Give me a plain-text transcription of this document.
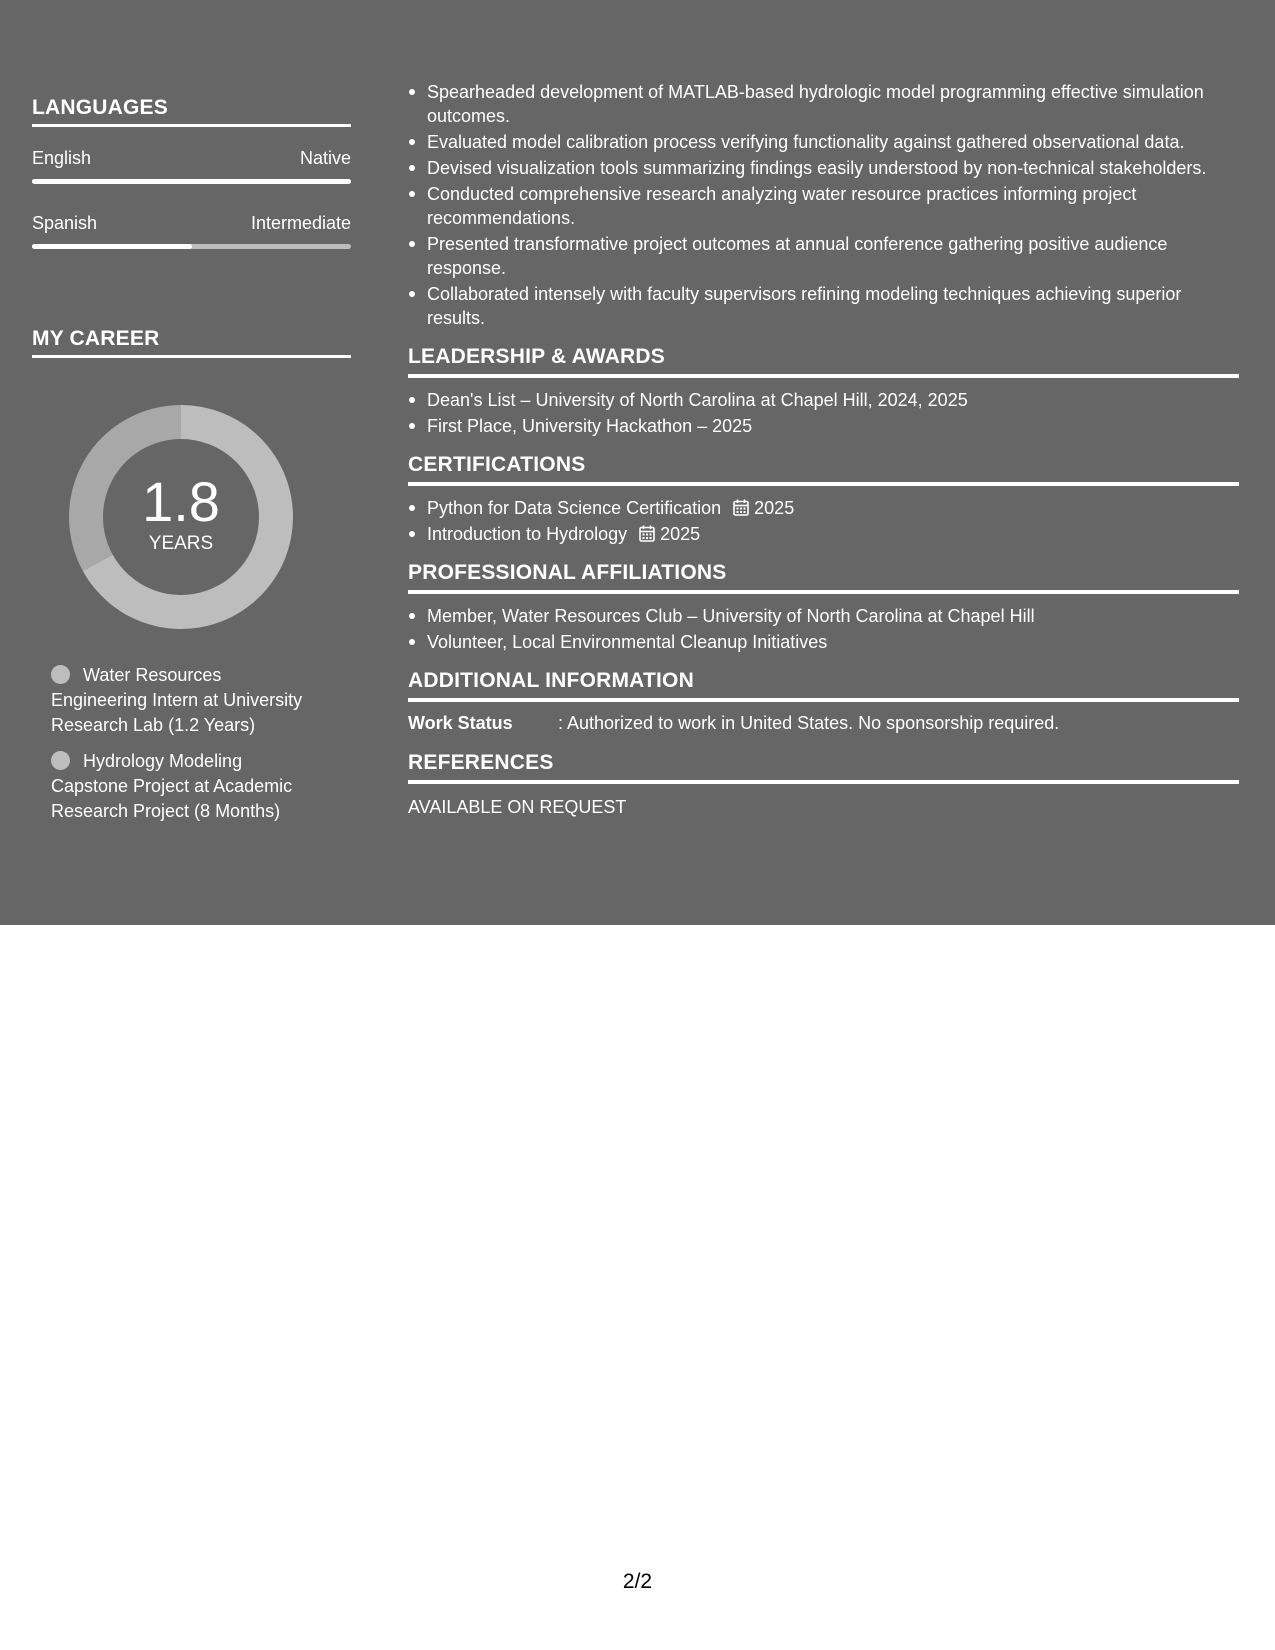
LANGUAGES
English	Native
Spanish	Intermediate
MY CAREER
1.8
YEARS
Water Resources Engineering Intern at University Research Lab (1.2 Years)
Hydrology Modeling Capstone Project at Academic Research Project (8 Months)
Spearheaded development of MATLAB-based hydrologic model programming effective simulation outcomes.
Evaluated model calibration process verifying functionality against gathered observational data.
Devised visualization tools summarizing findings easily understood by non-technical stakeholders.
Conducted comprehensive research analyzing water resource practices informing project recommendations.
Presented transformative project outcomes at annual conference gathering positive audience response.
Collaborated intensely with faculty supervisors refining modeling techniques achieving superior results.
LEADERSHIP & AWARDS
Dean's List – University of North Carolina at Chapel Hill, 2024, 2025
First Place, University Hackathon – 2025
CERTIFICATIONS
Python for Data Science Certification 2025
Introduction to Hydrology 2025
PROFESSIONAL AFFILIATIONS
Member, Water Resources Club – University of North Carolina at Chapel Hill
Volunteer, Local Environmental Cleanup Initiatives
ADDITIONAL INFORMATION
Work Status	: Authorized to work in United States. No sponsorship required.
REFERENCES
AVAILABLE ON REQUEST
2/2
